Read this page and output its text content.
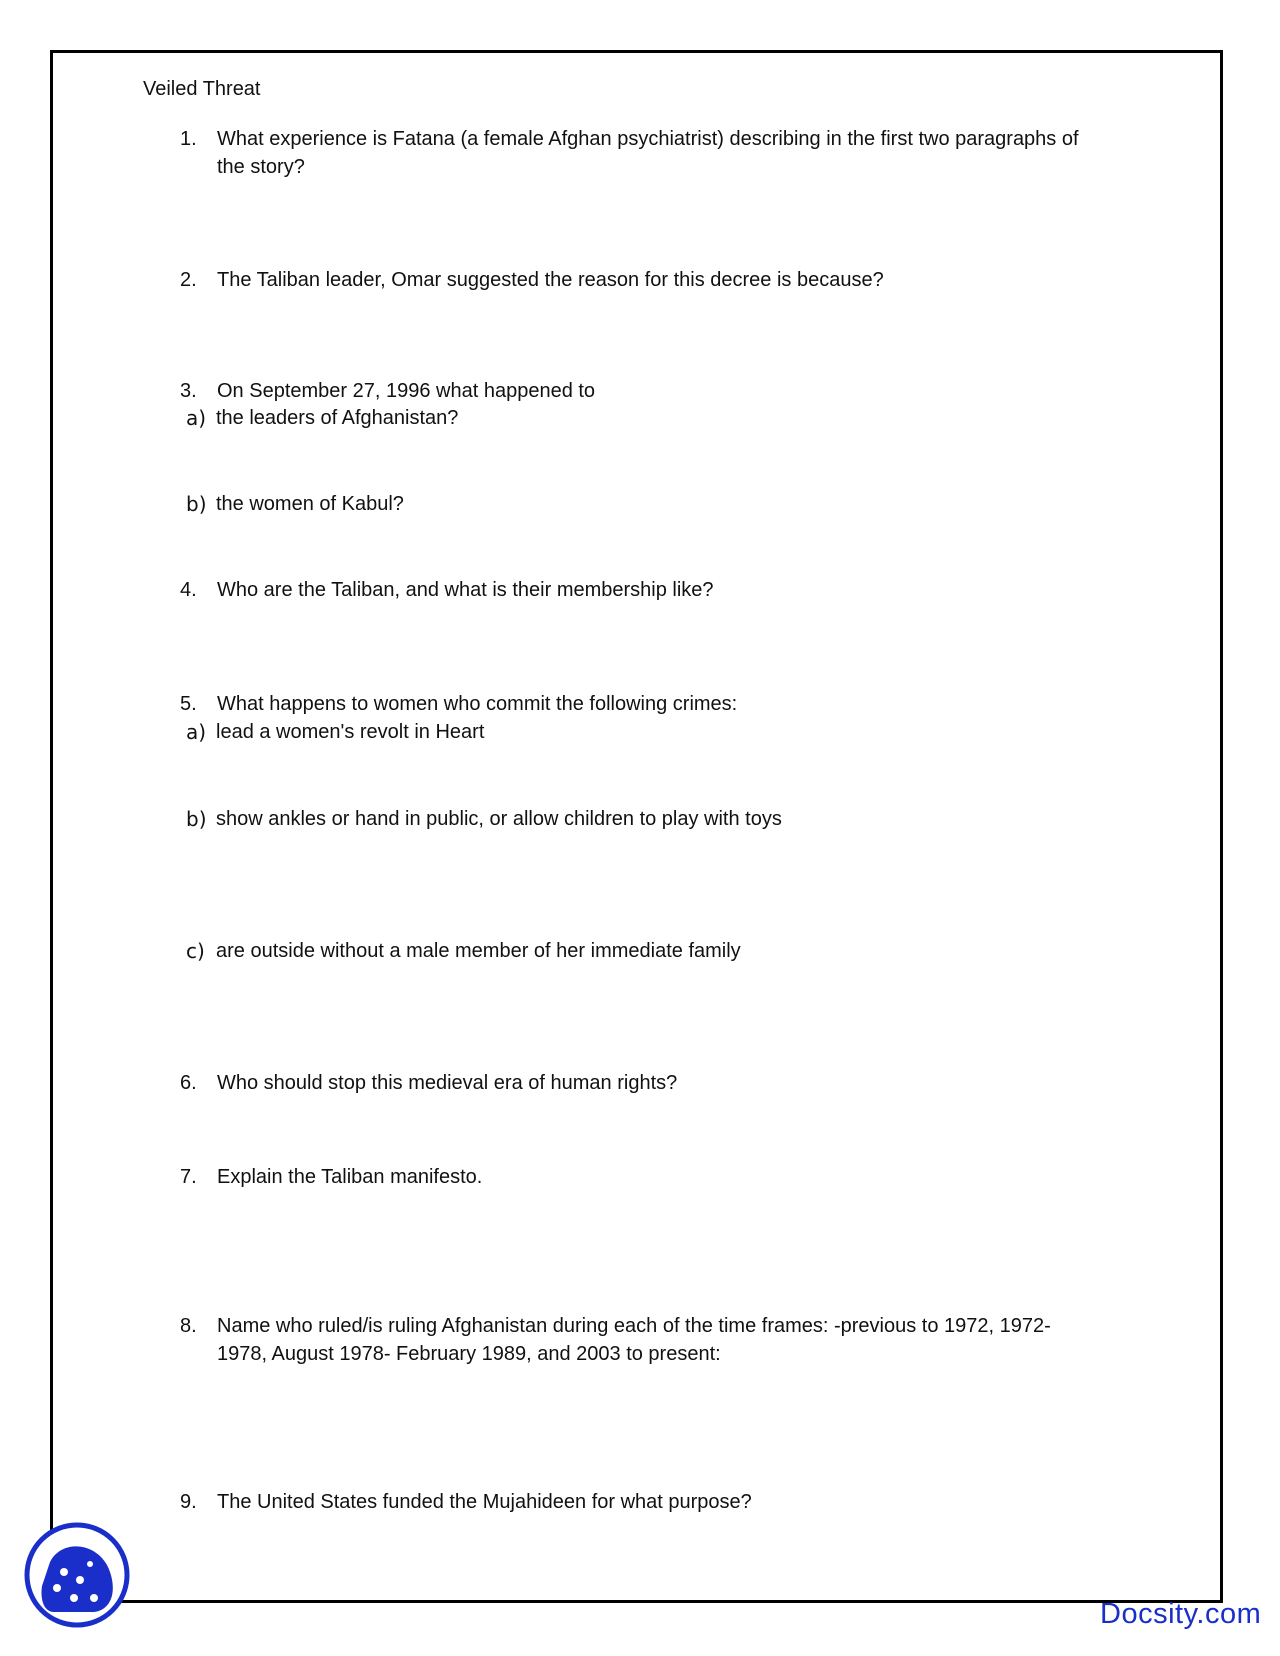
Veiled Threat
1.	What experience is Fatana (a female Afghan psychiatrist) describing in the first two paragraphs of the story?
2.	The Taliban leader, Omar suggested the reason for this decree is because?
3.	On September 27, 1996 what happened to
a) the leaders of Afghanistan?
b) the women of Kabul?
4.	Who are the Taliban, and what is their membership like?
5.	What happens to women who commit the following crimes:
a) lead a women's revolt in Heart
b) show ankles or hand in public, or allow children to play with toys
c) are outside without a male member of her immediate family
6.	Who should stop this medieval era of human rights?
7.	Explain the Taliban manifesto.
8.	Name who ruled/is ruling Afghanistan during each of the time frames: -previous to 1972, 1972-1978, August 1978- February 1989, and 2003 to present:
9.	The United States funded the Mujahideen for what purpose?
Docsity.com
